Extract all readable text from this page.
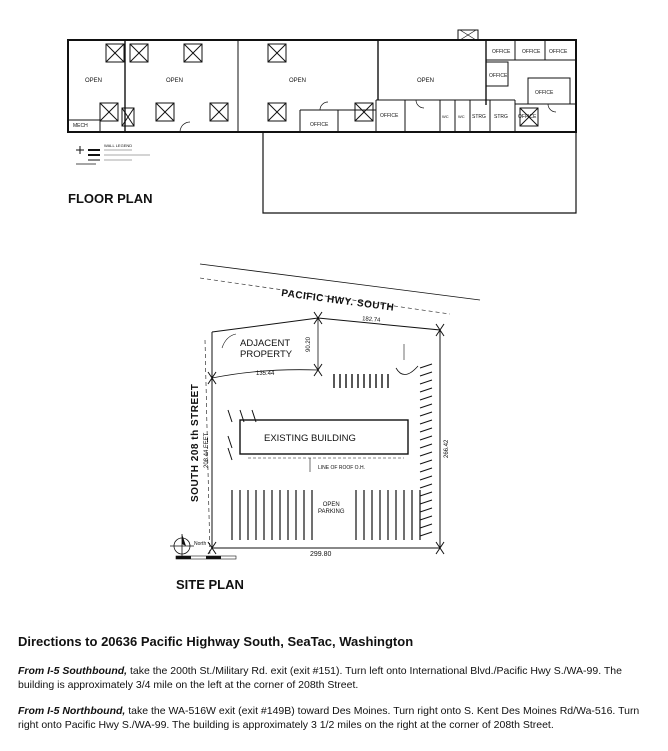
OPEN	OPEN	OPEN	OPEN
OFFICE OFFICE OFFICE
OFFICE
OFFICE
OFFICE
OFFICE	OFFICE
STRG STRG
MECH
WC WC
WALL LEGEND
FLOOR PLAN
PACIFIC HWY. SOUTH
SOUTH 208 th STREET
ADJACENT
PROPERTY
EXISTING BUILDING
LINE OF ROOF O.H.
OPEN
PARKING
North
182.74
90.20
135.44
208.44 FEET	266.42
299.80
SITE PLAN
Directions to 20636 Pacific Highway South, SeaTac, Washington
From I-5 Southbound, take the 200th St./Military Rd. exit (exit #151). Turn left onto International Blvd./Pacific Hwy S./WA-99. The building is approximately 3/4 mile on the left at the corner of 208th Street.
From I-5 Northbound, take the WA-516W exit (exit #149B) toward Des Moines. Turn right onto S. Kent Des Moines Rd/Wa-516. Turn right onto Pacific Hwy S./WA-99. The building is approximately 3 1/2 miles on the right at the corner of 208th Street.
